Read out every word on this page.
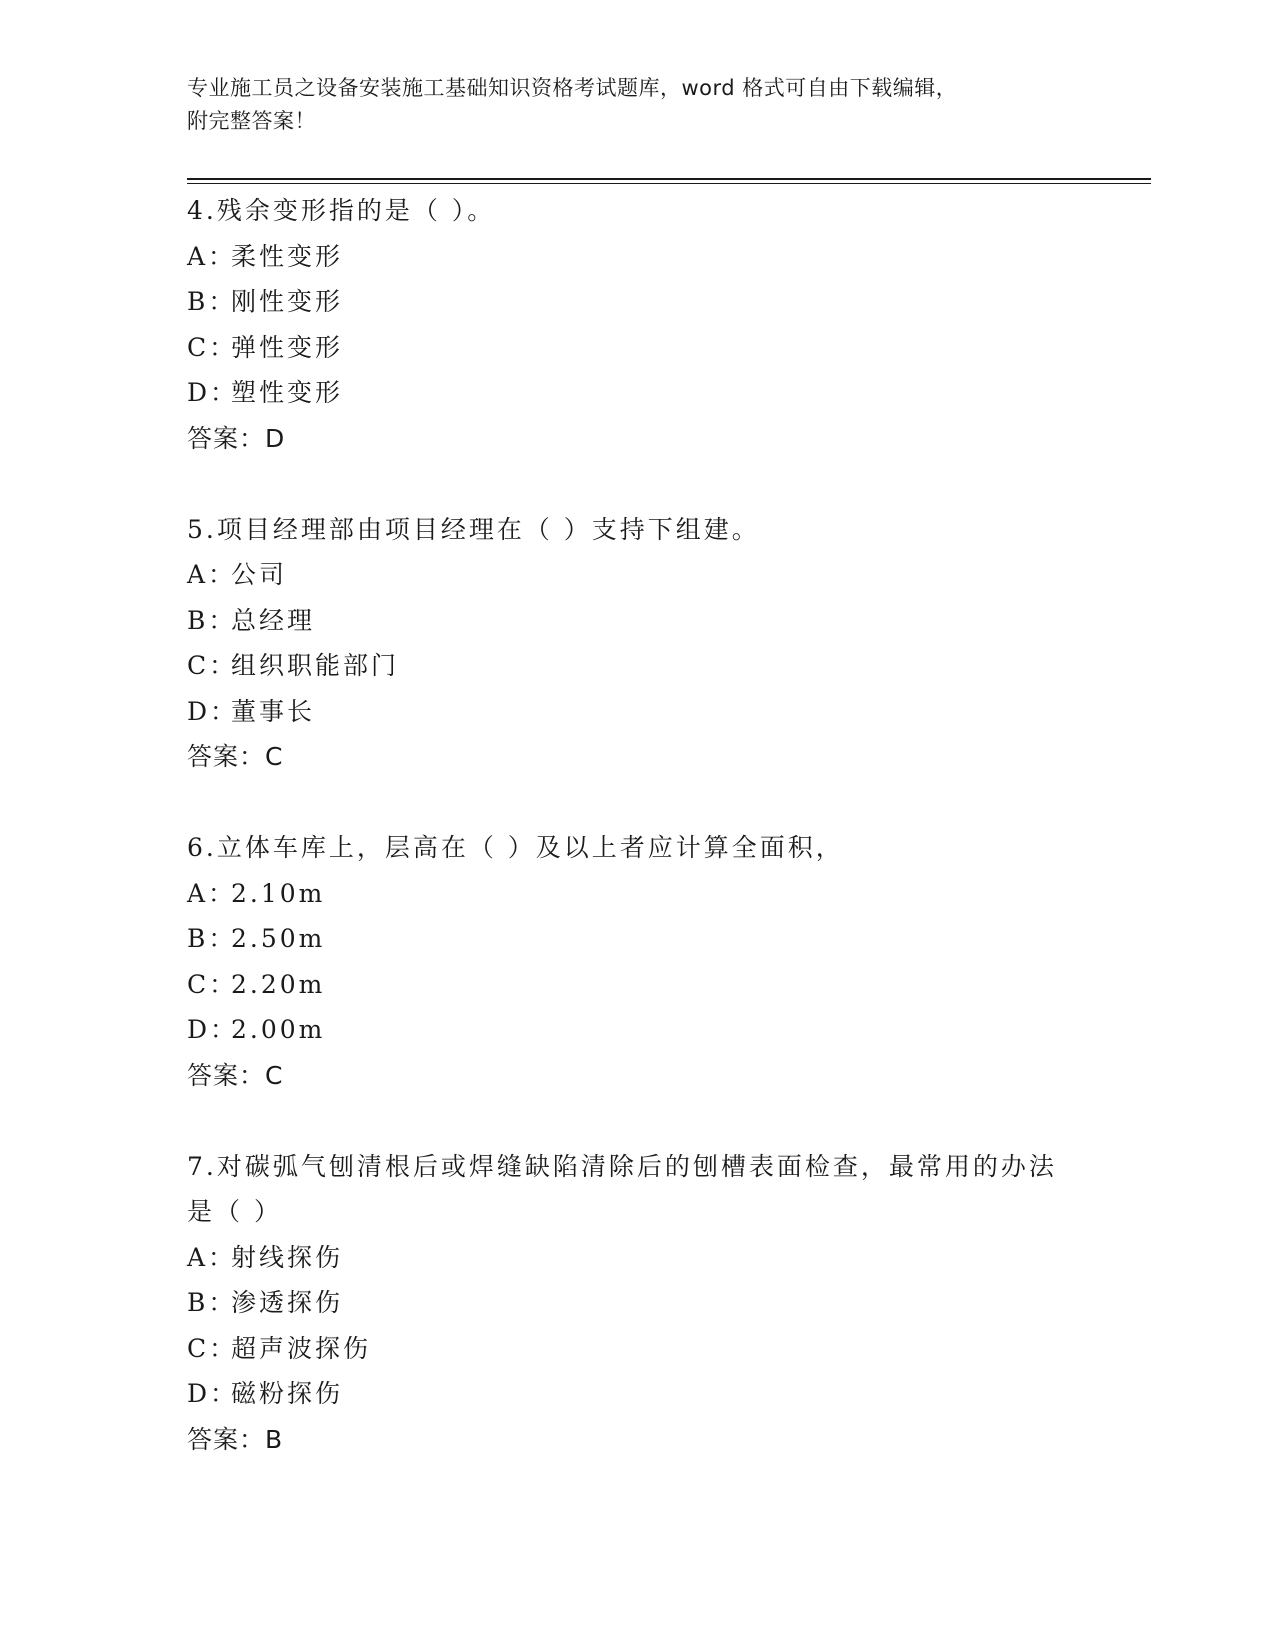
专业施工员之设备安装施工基础知识资格考试题库，word 格式可自由下载编辑，
附完整答案！
4.残余变形指的是（ ）。
A：柔性变形
B：刚性变形
C：弹性变形
D：塑性变形
答案：D
5.项目经理部由项目经理在（ ）支持下组建。
A：公司
B：总经理
C：组织职能部门
D：董事长
答案：C
6.立体车库上，层高在（ ）及以上者应计算全面积，
A：2.10m
B：2.50m
C：2.20m
D：2.00m
答案：C
7.对碳弧气刨清根后或焊缝缺陷清除后的刨槽表面检查，最常用的办法是（ ）
A：射线探伤
B：渗透探伤
C：超声波探伤
D：磁粉探伤
答案：B
